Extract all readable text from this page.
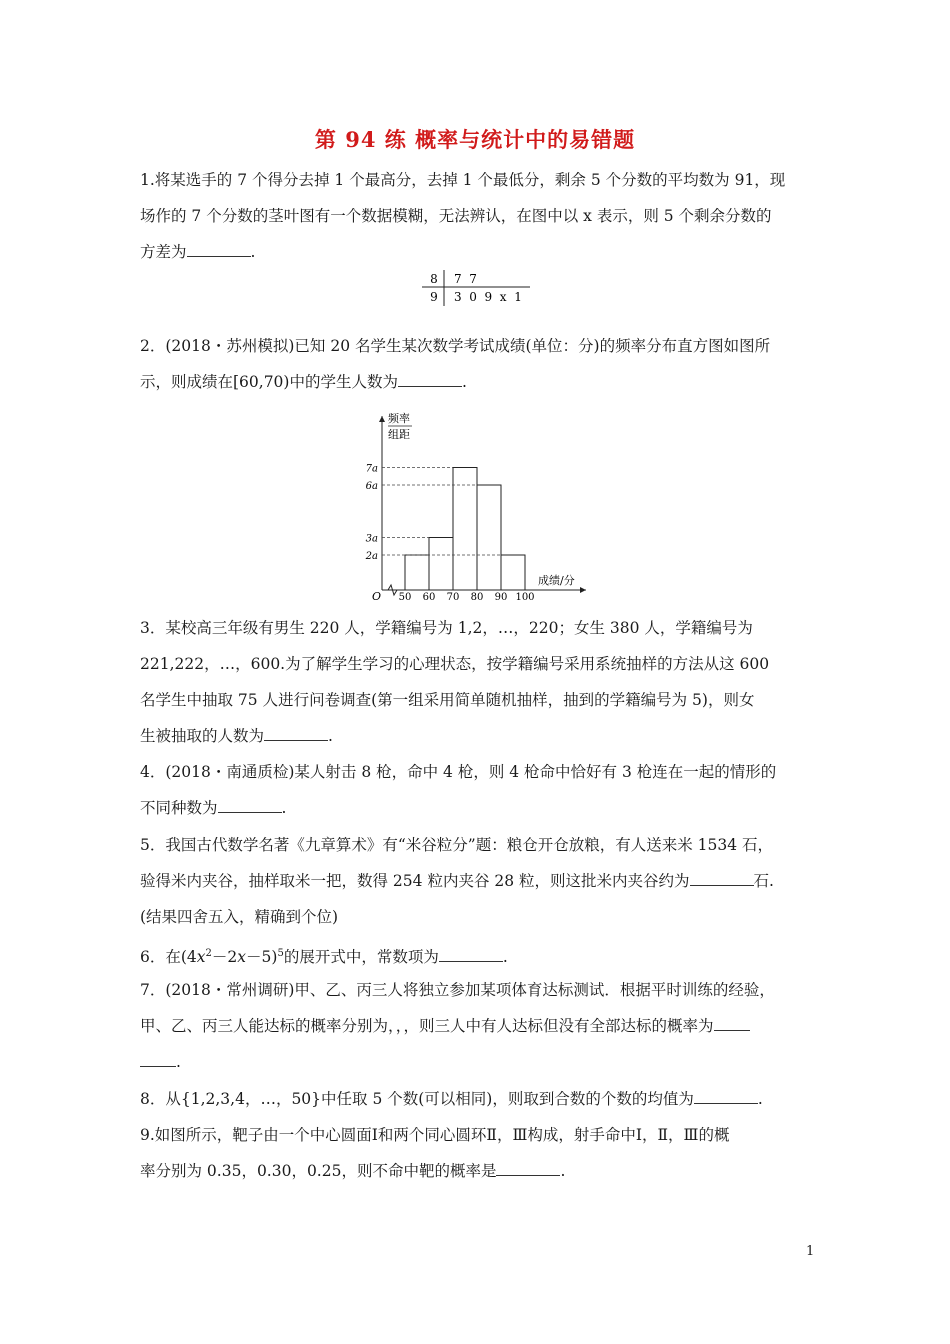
第 94 练 概率与统计中的易错题
1.将某选手的 7 个得分去掉 1 个最高分，去掉 1 个最低分，剩余 5 个分数的平均数为 91，现
场作的 7 个分数的茎叶图有一个数据模糊，无法辨认，在图中以 x 表示，则 5 个剩余分数的
方差为	.
8 7  7
9 3  0  9  x  1
2．(2018・苏州模拟)已知 20 名学生某次数学考试成绩(单位：分)的频率分布直方图如图所
示，则成绩在[60,70)中的学生人数为	.
频率
组距
O
成绩/分
50 60 70 80 90 100
2a
3a
6a
7a
3．某校高三年级有男生 220 人，学籍编号为 1,2，…，220；女生 380 人，学籍编号为
221,222，…，600.为了解学生学习的心理状态，按学籍编号采用系统抽样的方法从这 600
名学生中抽取 75 人进行问卷调查(第一组采用简单随机抽样，抽到的学籍编号为 5)，则女
生被抽取的人数为	.
4．(2018・南通质检)某人射击 8 枪，命中 4 枪，则 4 枪命中恰好有 3 枪连在一起的情形的
不同种数为	.
5．我国古代数学名著《九章算术》有“米谷粒分”题：粮仓开仓放粮，有人送来米 1534 石，
验得米内夹谷，抽样取米一把，数得 254 粒内夹谷 28 粒，则这批米内夹谷约为	石.
(结果四舍五入，精确到个位)
6．在$(4x^2-2x-5)^5$的展开式中，常数项为	.
7．(2018・常州调研)甲、乙、丙三人将独立参加某项体育达标测试．根据平时训练的经验，
甲、乙、丙三人能达标的概率分别为，，，则三人中有人达标但没有全部达标的概率为
.
8．从{1,2,3,4，…，50}中任取 5 个数(可以相同)，则取到合数的个数的均值为	.
9.如图所示，靶子由一个中心圆面Ⅰ和两个同心圆环Ⅱ，Ⅲ构成，射手命中Ⅰ，Ⅱ，Ⅲ的概
率分别为 0.35，0.30，0.25，则不命中靶的概率是	.
1
